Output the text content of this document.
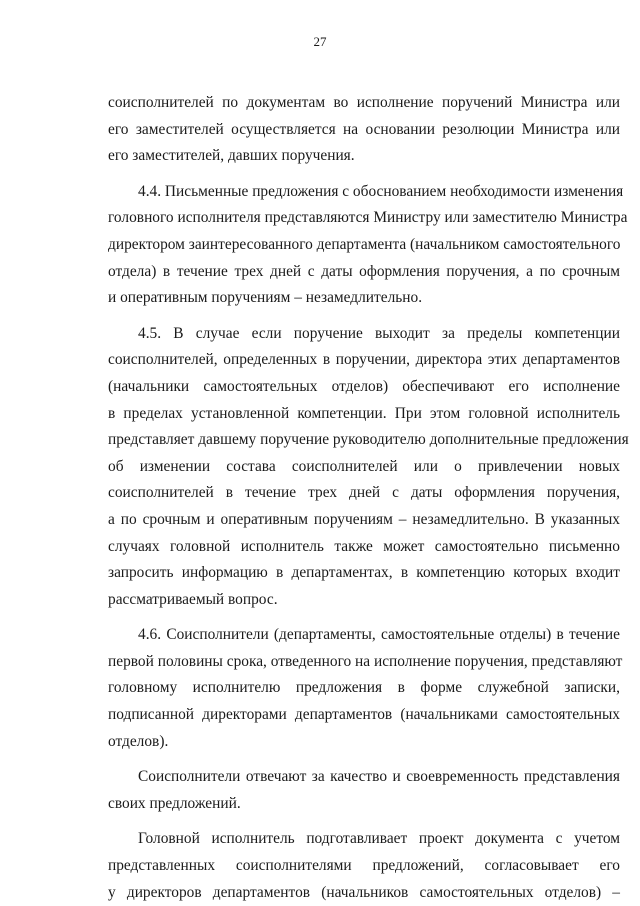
27
соисполнителей по документам во исполнение поручений Министра или
его заместителей осуществляется на основании резолюции Министра или
его заместителей, давших поручения.
4.4. Письменные предложения с обоснованием необходимости изменения
головного исполнителя представляются Министру или заместителю Министра
директором заинтересованного департамента (начальником самостоятельного
отдела) в течение трех дней с даты оформления поручения, а по срочным
и оперативным поручениям – незамедлительно.
4.5. В случае если поручение выходит за пределы компетенции
соисполнителей, определенных в поручении, директора этих департаментов
(начальники самостоятельных отделов) обеспечивают его исполнение
в пределах установленной компетенции. При этом головной исполнитель
представляет давшему поручение руководителю дополнительные предложения
об изменении состава соисполнителей или о привлечении новых
соисполнителей в течение трех дней с даты оформления поручения,
а по срочным и оперативным поручениям – незамедлительно. В указанных
случаях головной исполнитель также может самостоятельно письменно
запросить информацию в департаментах, в компетенцию которых входит
рассматриваемый вопрос.
4.6. Соисполнители (департаменты, самостоятельные отделы) в течение
первой половины срока, отведенного на исполнение поручения, представляют
головному исполнителю предложения в форме служебной записки,
подписанной директорами департаментов (начальниками самостоятельных
отделов).
Соисполнители отвечают за качество и своевременность представления
своих предложений.
Головной исполнитель подготавливает проект документа с учетом
представленных соисполнителями предложений, согласовывает его
у директоров департаментов (начальников самостоятельных отделов) –
